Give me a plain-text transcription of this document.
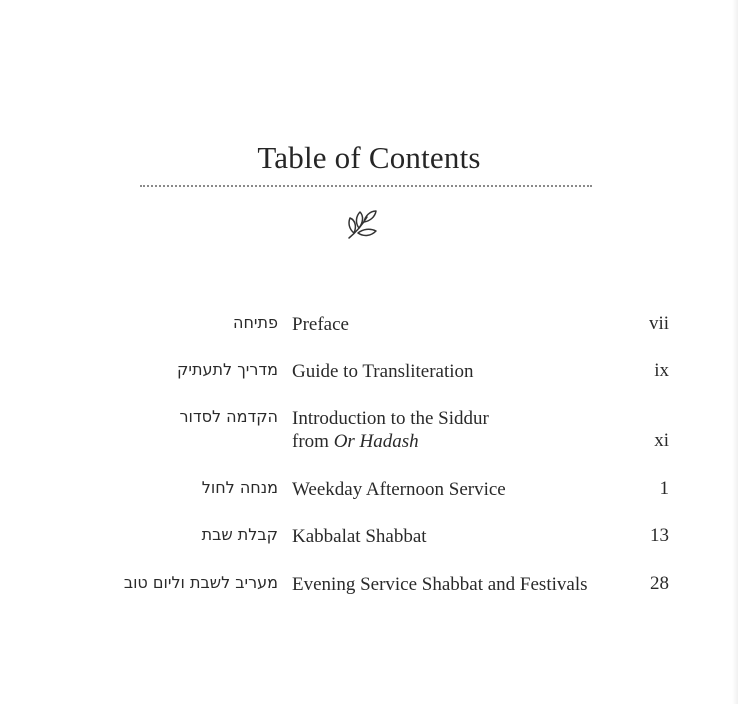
Table of Contents
פתיחה Preface	vii
מדריך לתעתיק Guide to Transliteration	ix
הקדמה לסדור Introduction to the Siddur
from Or Hadash	xi
מנחה לחול Weekday Afternoon Service	1
קבלת שבת Kabbalat Shabbat	13
מעריב לשבת וליום טוב Evening Service Shabbat and Festivals	28
